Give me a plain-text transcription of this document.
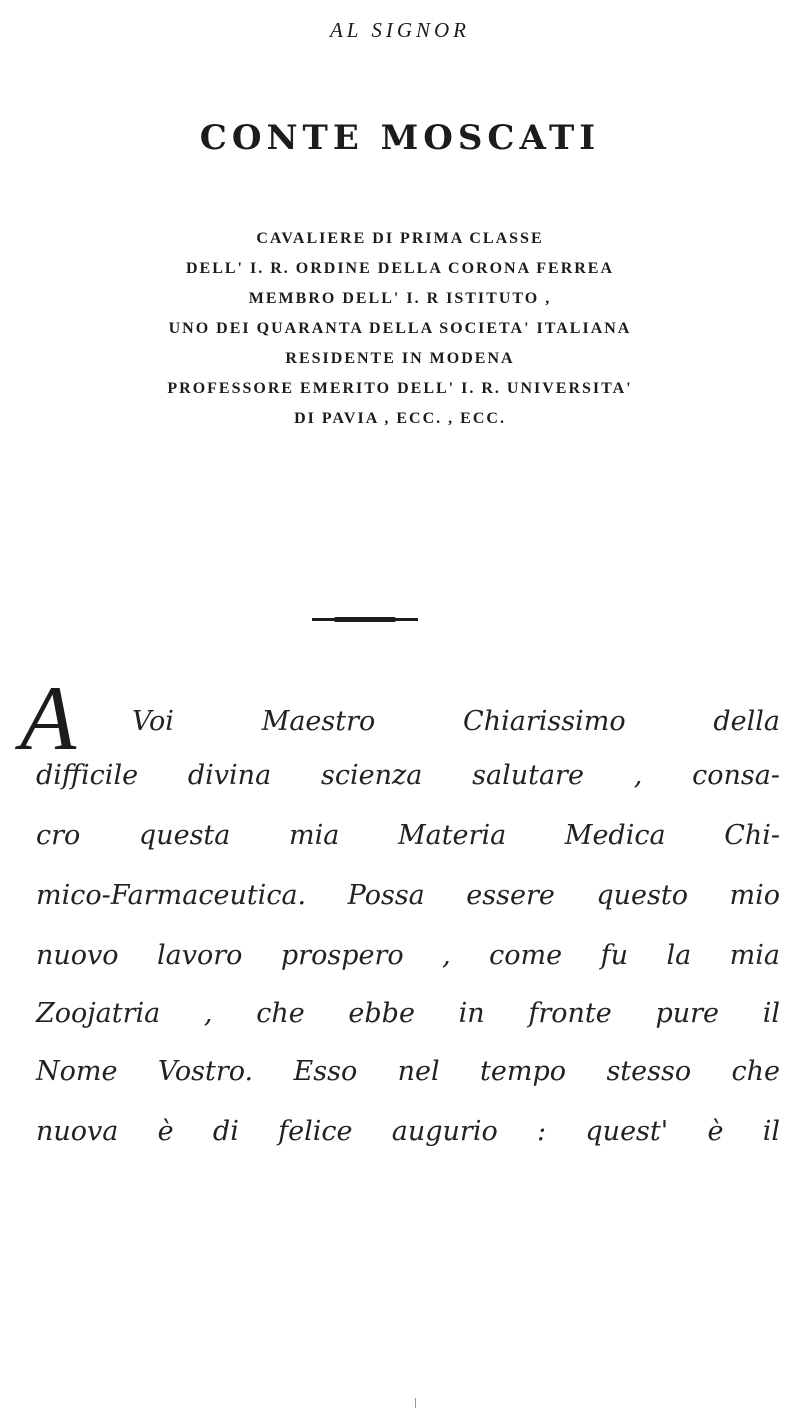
AL SIGNOR
CONTE MOSCATI
CAVALIERE DI PRIMA CLASSE
DELL' I. R. ORDINE DELLA CORONA FERREA
MEMBRO DELL' I. R ISTITUTO ,
UNO DEI QUARANTA DELLA SOCIETA' ITALIANA
RESIDENTE IN MODENA
PROFESSORE EMERITO DELL' I. R. UNIVERSITA'
DI PAVIA , ECC. , ECC.
A	Voi Maestro Chiarissimo della
difficile divina scienza salutare , consa-
cro questa mia Materia Medica Chi-
mico-Farmaceutica. Possa essere questo mio
nuovo lavoro prospero , come fu la mia
Zoojatria , che ebbe in fronte pure il
Nome Vostro. Esso nel tempo stesso che
nuova è di felice augurio : quest' è il
